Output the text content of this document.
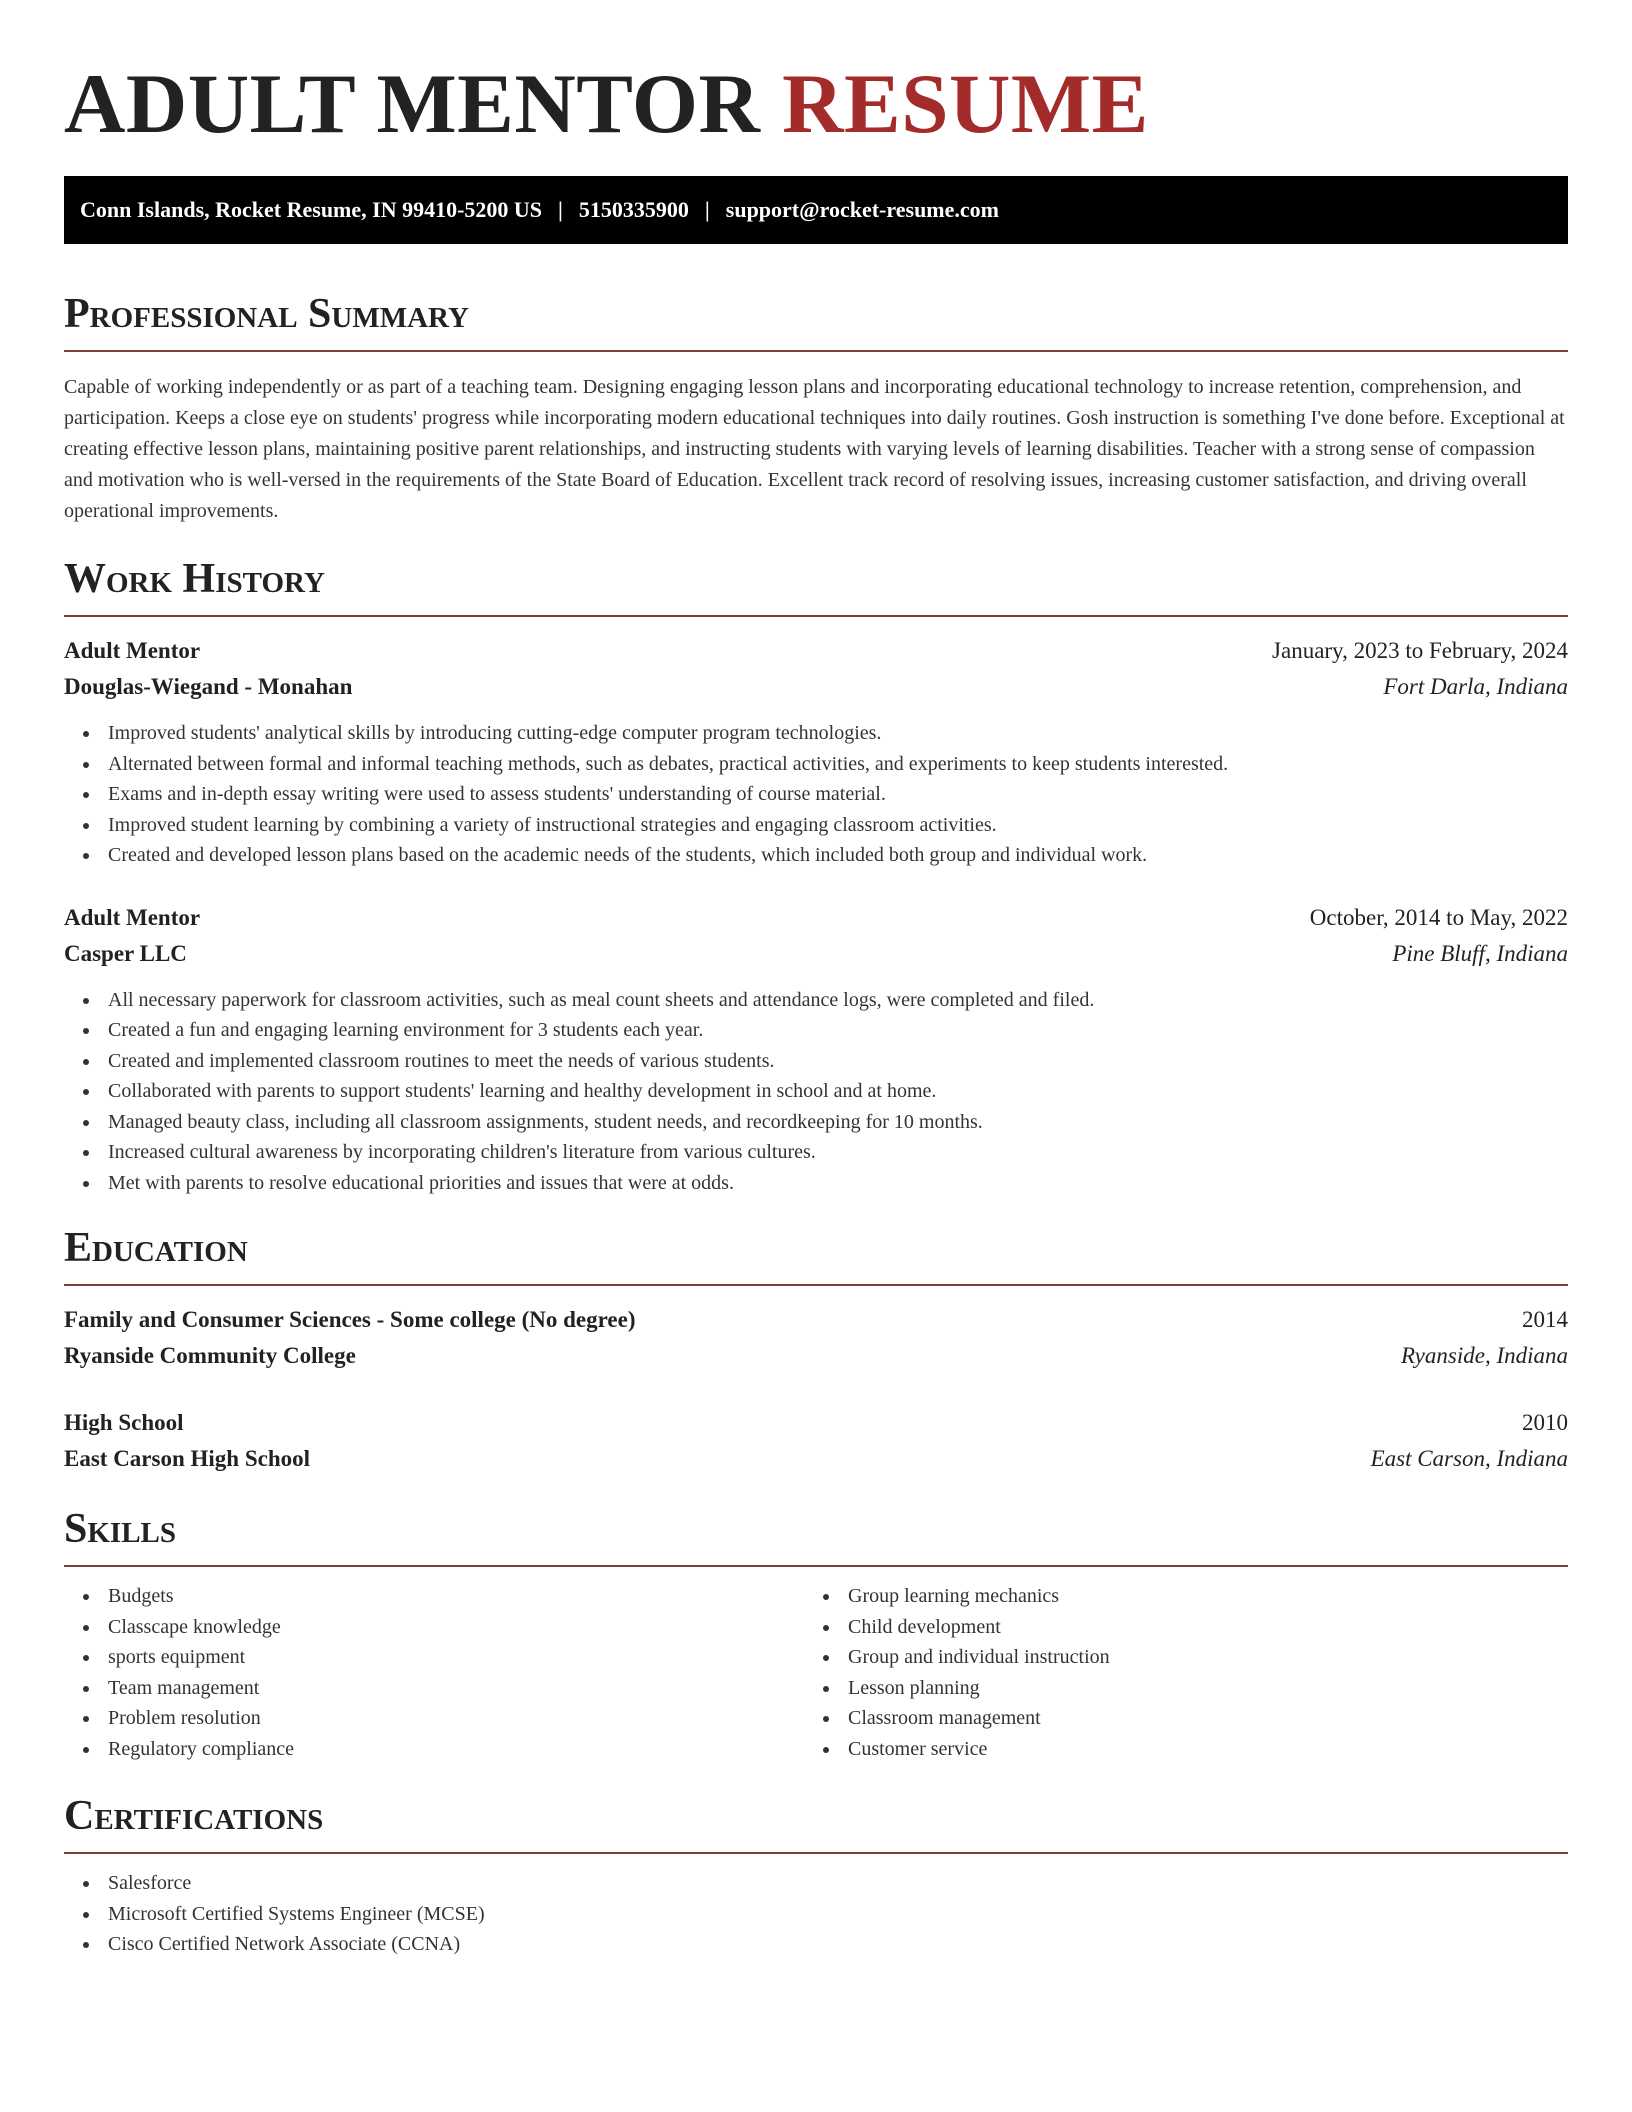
ADULT MENTOR RESUME
Conn Islands, Rocket Resume, IN 99410-5200 US | 5150335900 | support@rocket-resume.com
Professional Summary

Capable of working independently or as part of a teaching team. Designing engaging lesson plans and incorporating educational technology to increase retention, comprehension, and participation. Keeps a close eye on students' progress while incorporating modern educational techniques into daily routines. Gosh instruction is something I've done before. Exceptional at creating effective lesson plans, maintaining positive parent relationships, and instructing students with varying levels of learning disabilities. Teacher with a strong sense of compassion and motivation who is well-versed in the requirements of the State Board of Education. Excellent track record of resolving issues, increasing customer satisfaction, and driving overall operational improvements.

Work History
Adult Mentor	January, 2023 to February, 2024
Douglas-Wiegand - Monahan	Fort Darla, Indiana
Improved students' analytical skills by introducing cutting-edge computer program technologies.
Alternated between formal and informal teaching methods, such as debates, practical activities, and experiments to keep students interested.
Exams and in-depth essay writing were used to assess students' understanding of course material.
Improved student learning by combining a variety of instructional strategies and engaging classroom activities.
Created and developed lesson plans based on the academic needs of the students, which included both group and individual work.
Adult Mentor	October, 2014 to May, 2022
Casper LLC	Pine Bluff, Indiana
All necessary paperwork for classroom activities, such as meal count sheets and attendance logs, were completed and filed.
Created a fun and engaging learning environment for 3 students each year.
Created and implemented classroom routines to meet the needs of various students.
Collaborated with parents to support students' learning and healthy development in school and at home.
Managed beauty class, including all classroom assignments, student needs, and recordkeeping for 10 months.
Increased cultural awareness by incorporating children's literature from various cultures.
Met with parents to resolve educational priorities and issues that were at odds.
Education
Family and Consumer Sciences - Some college (No degree)	2014
Ryanside Community College	Ryanside, Indiana
High School	2010
East Carson High School	East Carson, Indiana
Skills
Budgets
Classcape knowledge
sports equipment
Team management
Problem resolution
Regulatory compliance
Group learning mechanics
Child development
Group and individual instruction
Lesson planning
Classroom management
Customer service
Certifications
Salesforce
Microsoft Certified Systems Engineer (MCSE)
Cisco Certified Network Associate (CCNA)
